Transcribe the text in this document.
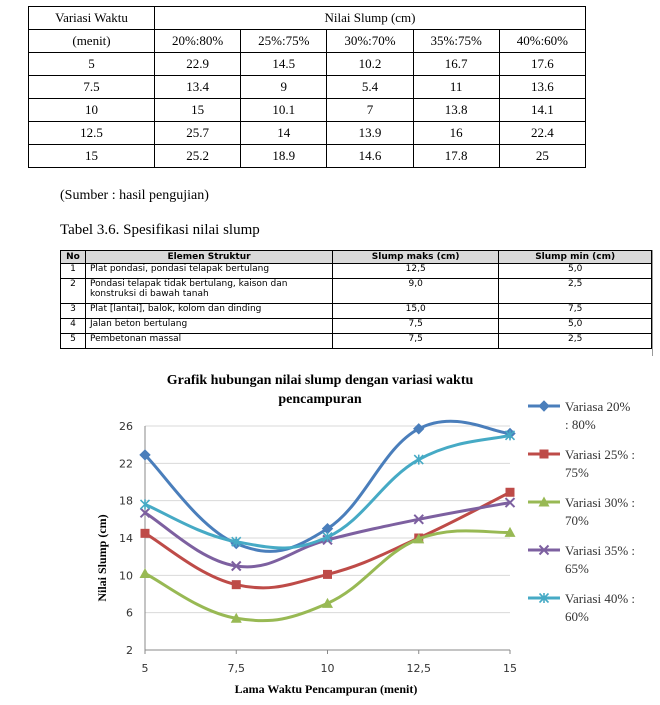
Variasi Waktu	Nilai Slump (cm)				
(menit)	20%:80%	25%:75%	30%:70%	35%:75%	40%:60%
5	22.9	14.5	10.2	16.7	17.6
7.5	13.4	9	5.4	11	13.6
10	15	10.1	7	13.8	14.1
12.5	25.7	14	13.9	16	22.4
15	25.2	18.9	14.6	17.8	25
(Sumber : hasil pengujian)
Tabel 3.6. Spesifikasi nilai slump
No	Elemen Struktur	Slump maks (cm)	Slump min (cm)
1	Plat pondasi, pondasi telapak bertulang	12,5	5,0
2	Pondasi telapak tidak bertulang, kaison dan konstruksi di bawah tanah	9,0	2,5
3	Plat [lantai], balok, kolom dan dinding	15,0	7,5
4	Jalan beton bertulang	7,5	5,0
5	Pembetonan massal	7,5	2,5
Grafik hubungan nilai slump dengan variasi waktu
pencampuran
2
6
10
14
18
22
26
5	7,5	10	12,5	15
Lama Waktu Pencampuran (menit)
Nilai Slump (cm)
Variasa 20%
: 80%
Variasi 25% :
75%
Variasi 30% :
70%
Variasi 35% :
65%
Variasi 40% :
60%
